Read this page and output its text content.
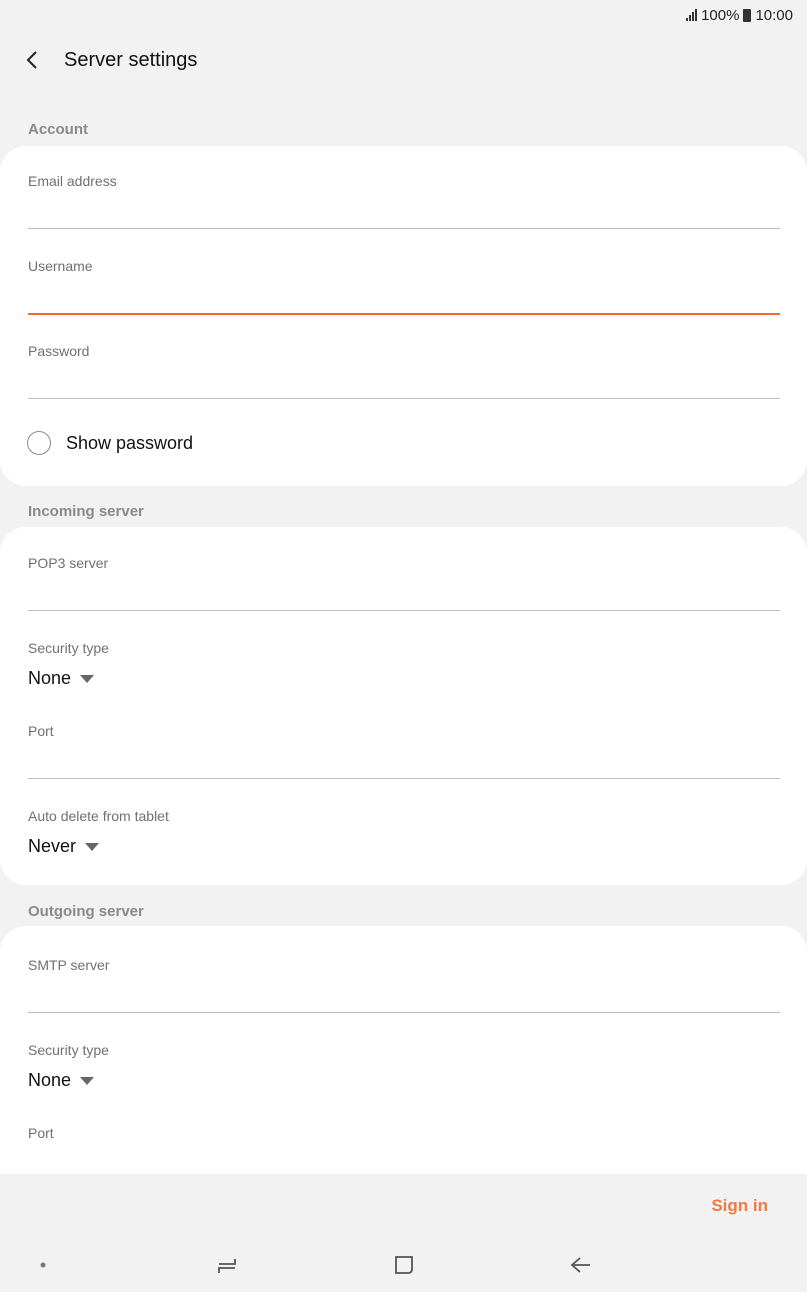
100% 10:00
Server settings
Account
Email address
Username
Password
Show password
Incoming server
POP3 server
Security type
None
Port
Auto delete from tablet
Never
Outgoing server
SMTP server
Security type
None
Port
Sign in
